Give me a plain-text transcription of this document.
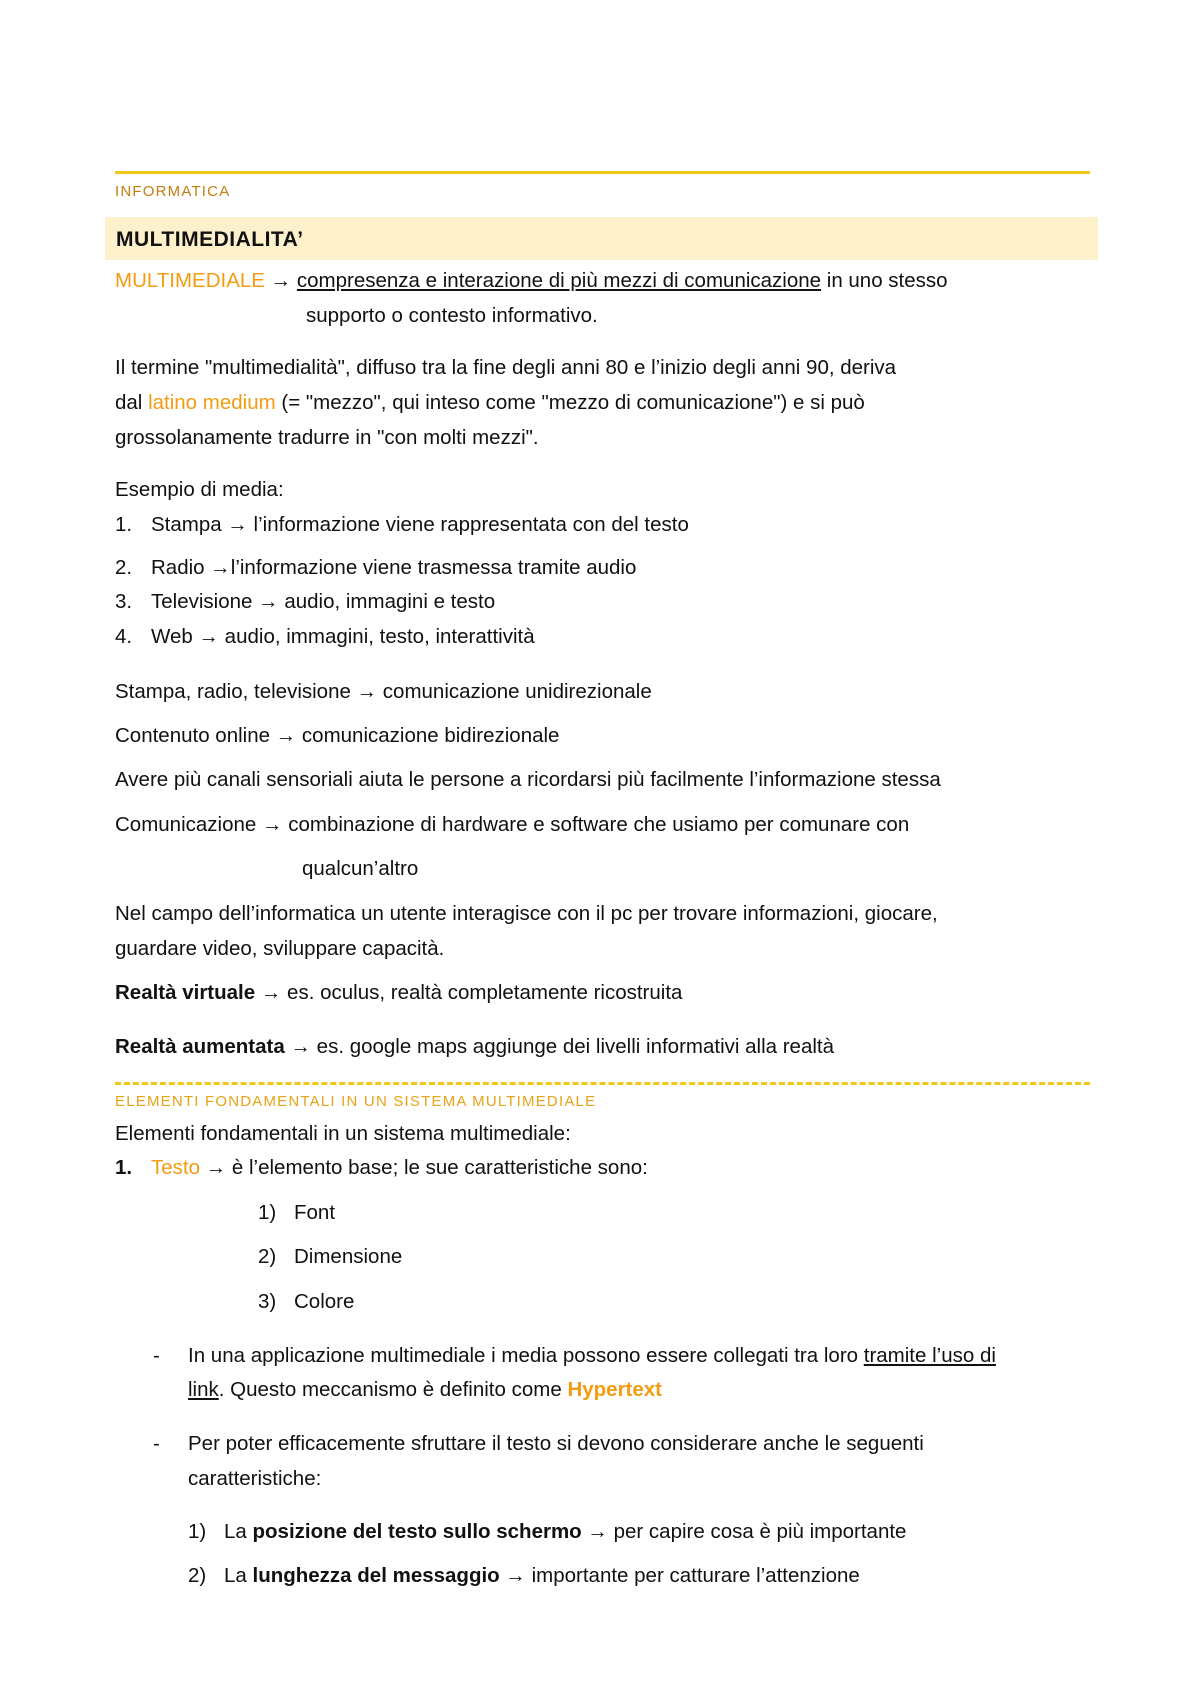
INFORMATICA
MULTIMEDIALITA’
MULTIMEDIALE → compresenza e interazione di più mezzi di comunicazione in uno stesso
supporto o contesto informativo.
Il termine "multimedialità", diffuso tra la fine degli anni 80 e l’inizio degli anni 90, deriva
dal latino medium (= "mezzo", qui inteso come "mezzo di comunicazione") e si può
grossolanamente tradurre in "con molti mezzi".
Esempio di media:
1. Stampa → l’informazione viene rappresentata con del testo
2. Radio →l’informazione viene trasmessa tramite audio
3. Televisione → audio, immagini e testo
4. Web → audio, immagini, testo, interattività
Stampa, radio, televisione → comunicazione unidirezionale
Contenuto online → comunicazione bidirezionale
Avere più canali sensoriali aiuta le persone a ricordarsi più facilmente l’informazione stessa
Comunicazione → combinazione di hardware e software che usiamo per comunare con
qualcun’altro
Nel campo dell’informatica un utente interagisce con il pc per trovare informazioni, giocare,
guardare video, sviluppare capacità.
Realtà virtuale → es. oculus, realtà completamente ricostruita
Realtà aumentata → es. google maps aggiunge dei livelli informativi alla realtà
ELEMENTI FONDAMENTALI IN UN SISTEMA MULTIMEDIALE
Elementi fondamentali in un sistema multimediale:
1. Testo → è l’elemento base; le sue caratteristiche sono:
1) Font
2) Dimensione
3) Colore
- In una applicazione multimediale i media possono essere collegati tra loro tramite l’uso di
link. Questo meccanismo è definito come Hypertext
- Per poter efficacemente sfruttare il testo si devono considerare anche le seguenti
caratteristiche:
1) La posizione del testo sullo schermo → per capire cosa è più importante
2) La lunghezza del messaggio → importante per catturare l’attenzione
